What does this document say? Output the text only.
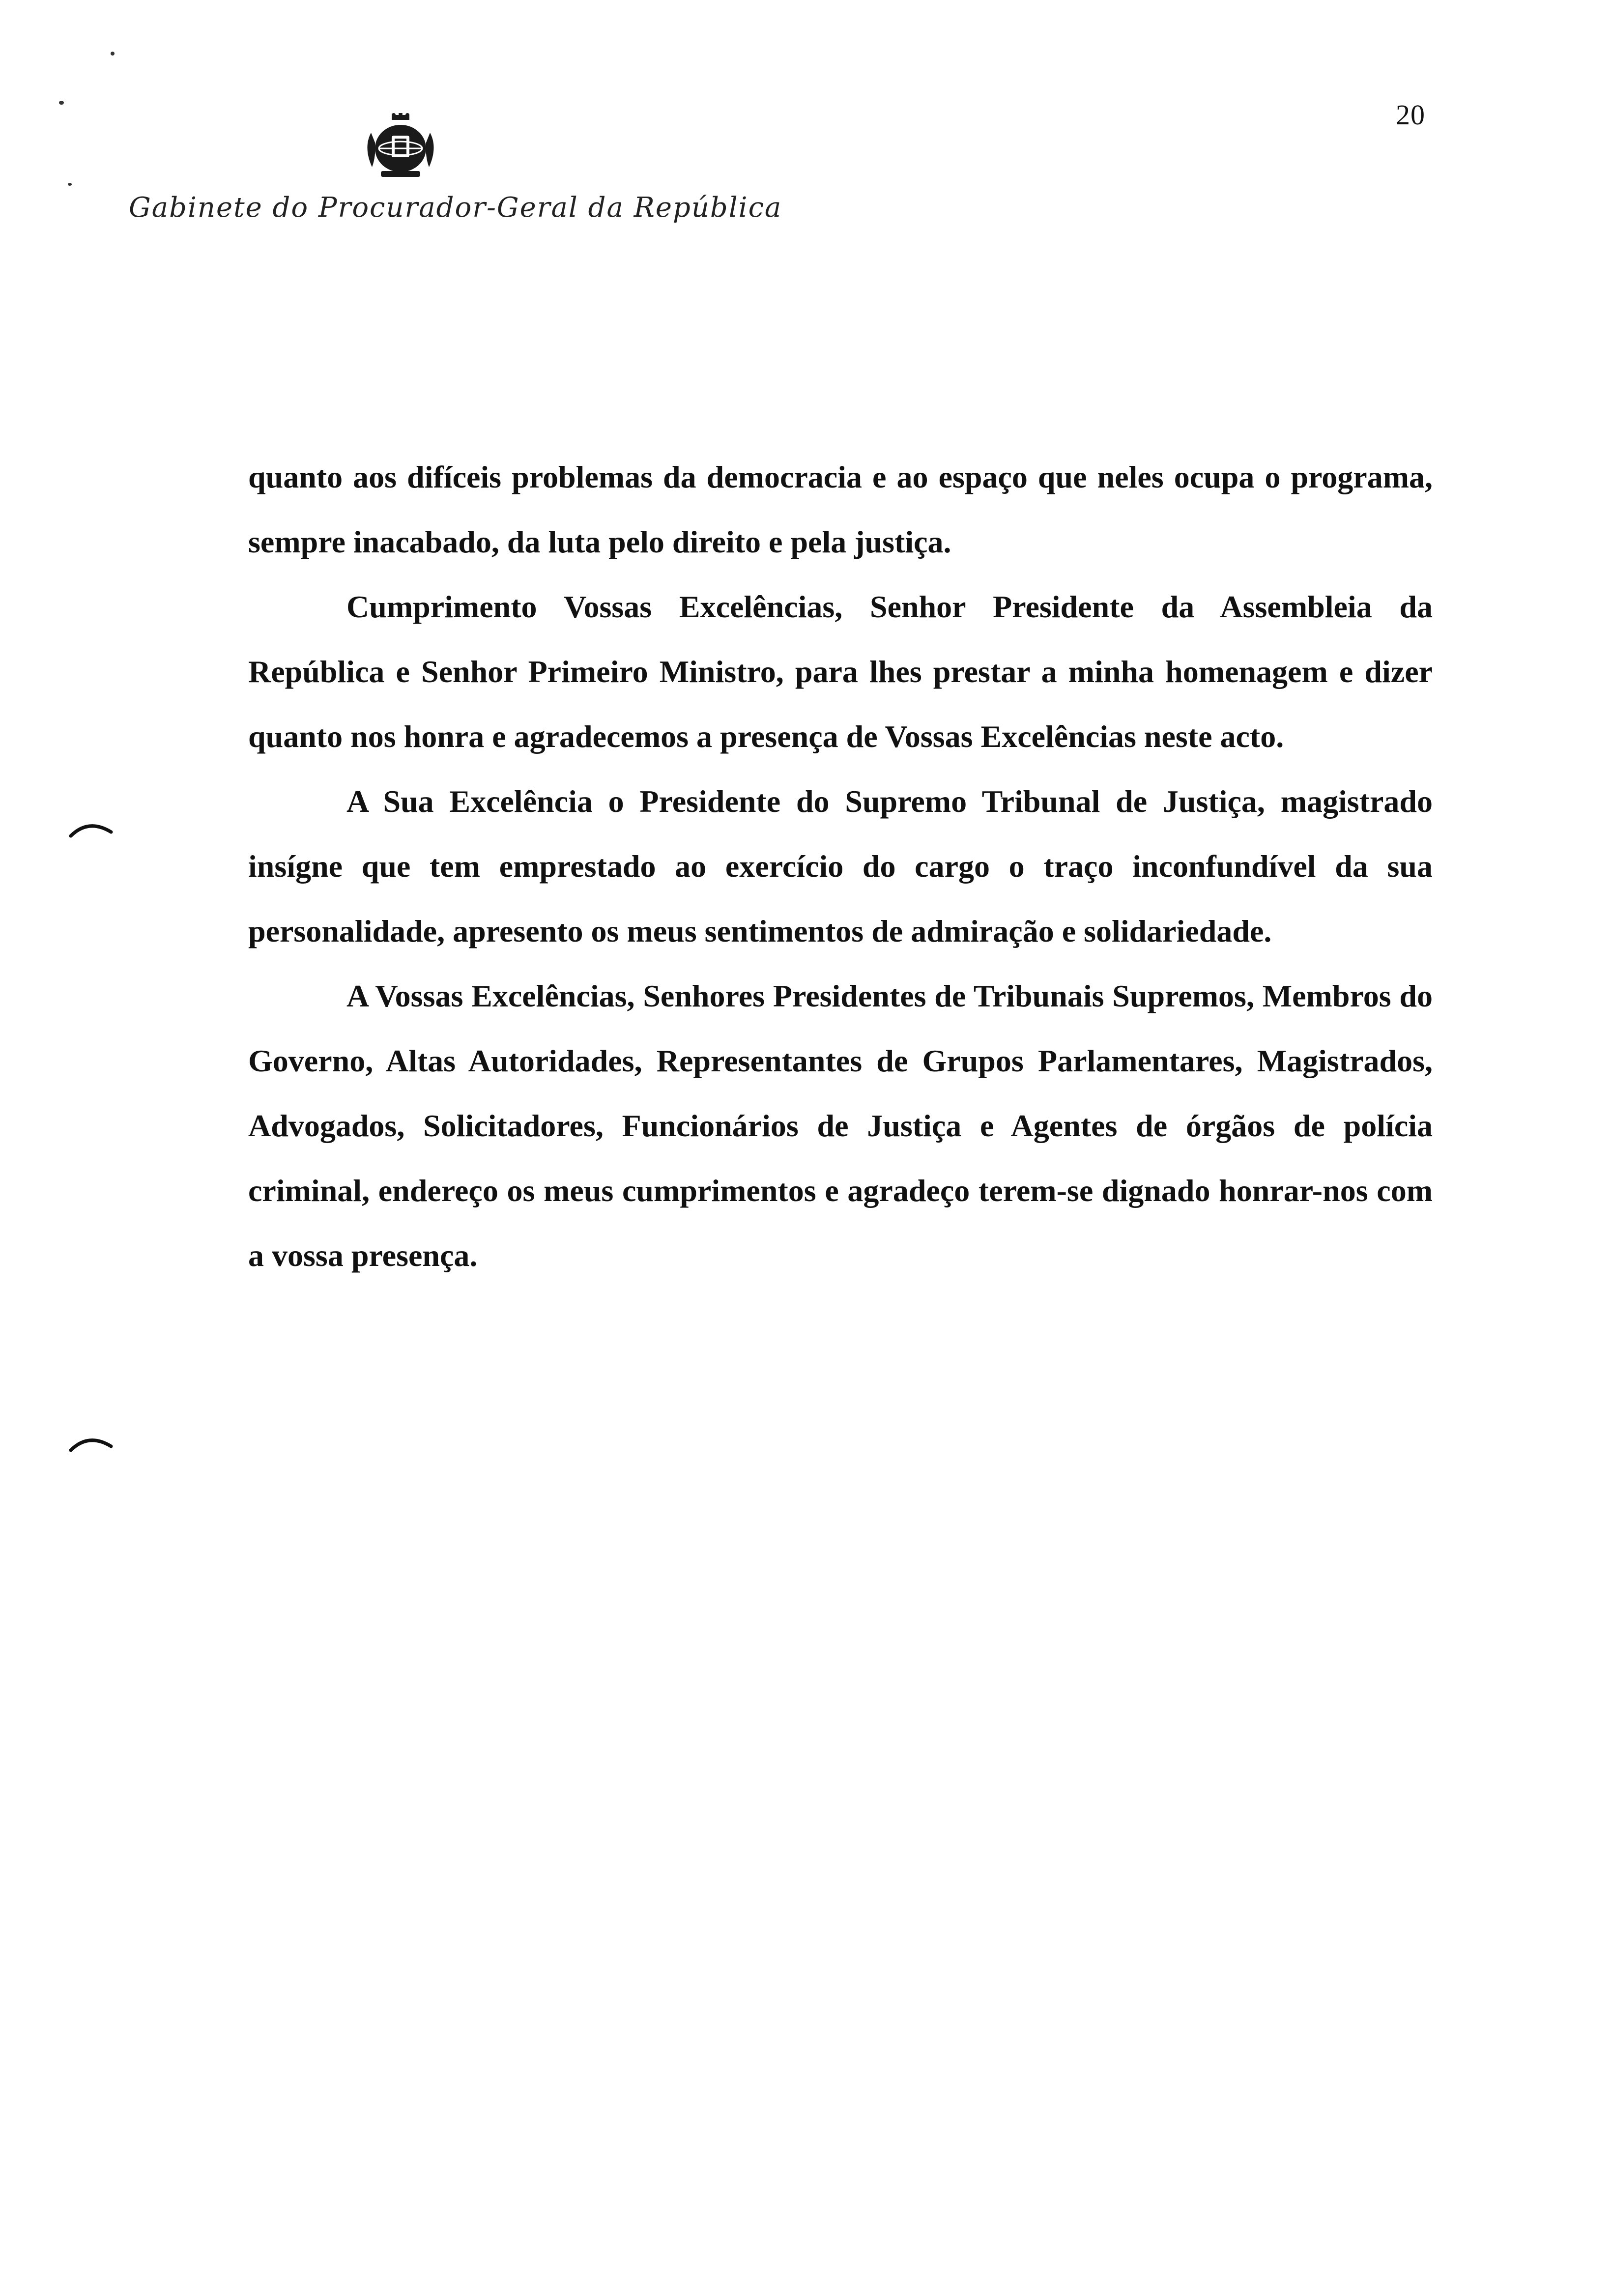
20
Gabinete do Procurador-Geral da República

quanto aos difíceis problemas da democracia e ao espaço que neles ocupa o programa, sempre inacabado, da luta pelo direito e pela justiça.

Cumprimento Vossas Excelências, Senhor Presidente da Assembleia da República e Senhor Primeiro Ministro, para lhes prestar a minha homenagem e dizer quanto nos honra e agradecemos a presença de Vossas Excelências neste acto.

A Sua Excelência o Presidente do Supremo Tribunal de Justiça, magistrado insígne que tem emprestado ao exercício do cargo o traço inconfundível da sua personalidade, apresento os meus sentimentos de admiração e solidariedade.

A Vossas Excelências, Senhores Presidentes de Tribunais Supremos, Membros do Governo, Altas Autoridades, Representantes de Grupos Parlamentares, Magistrados, Advogados, Solicitadores, Funcionários de Justiça e Agentes de órgãos de polícia criminal, endereço os meus cumprimentos e agradeço terem-se dignado honrar-nos com a vossa presença.
